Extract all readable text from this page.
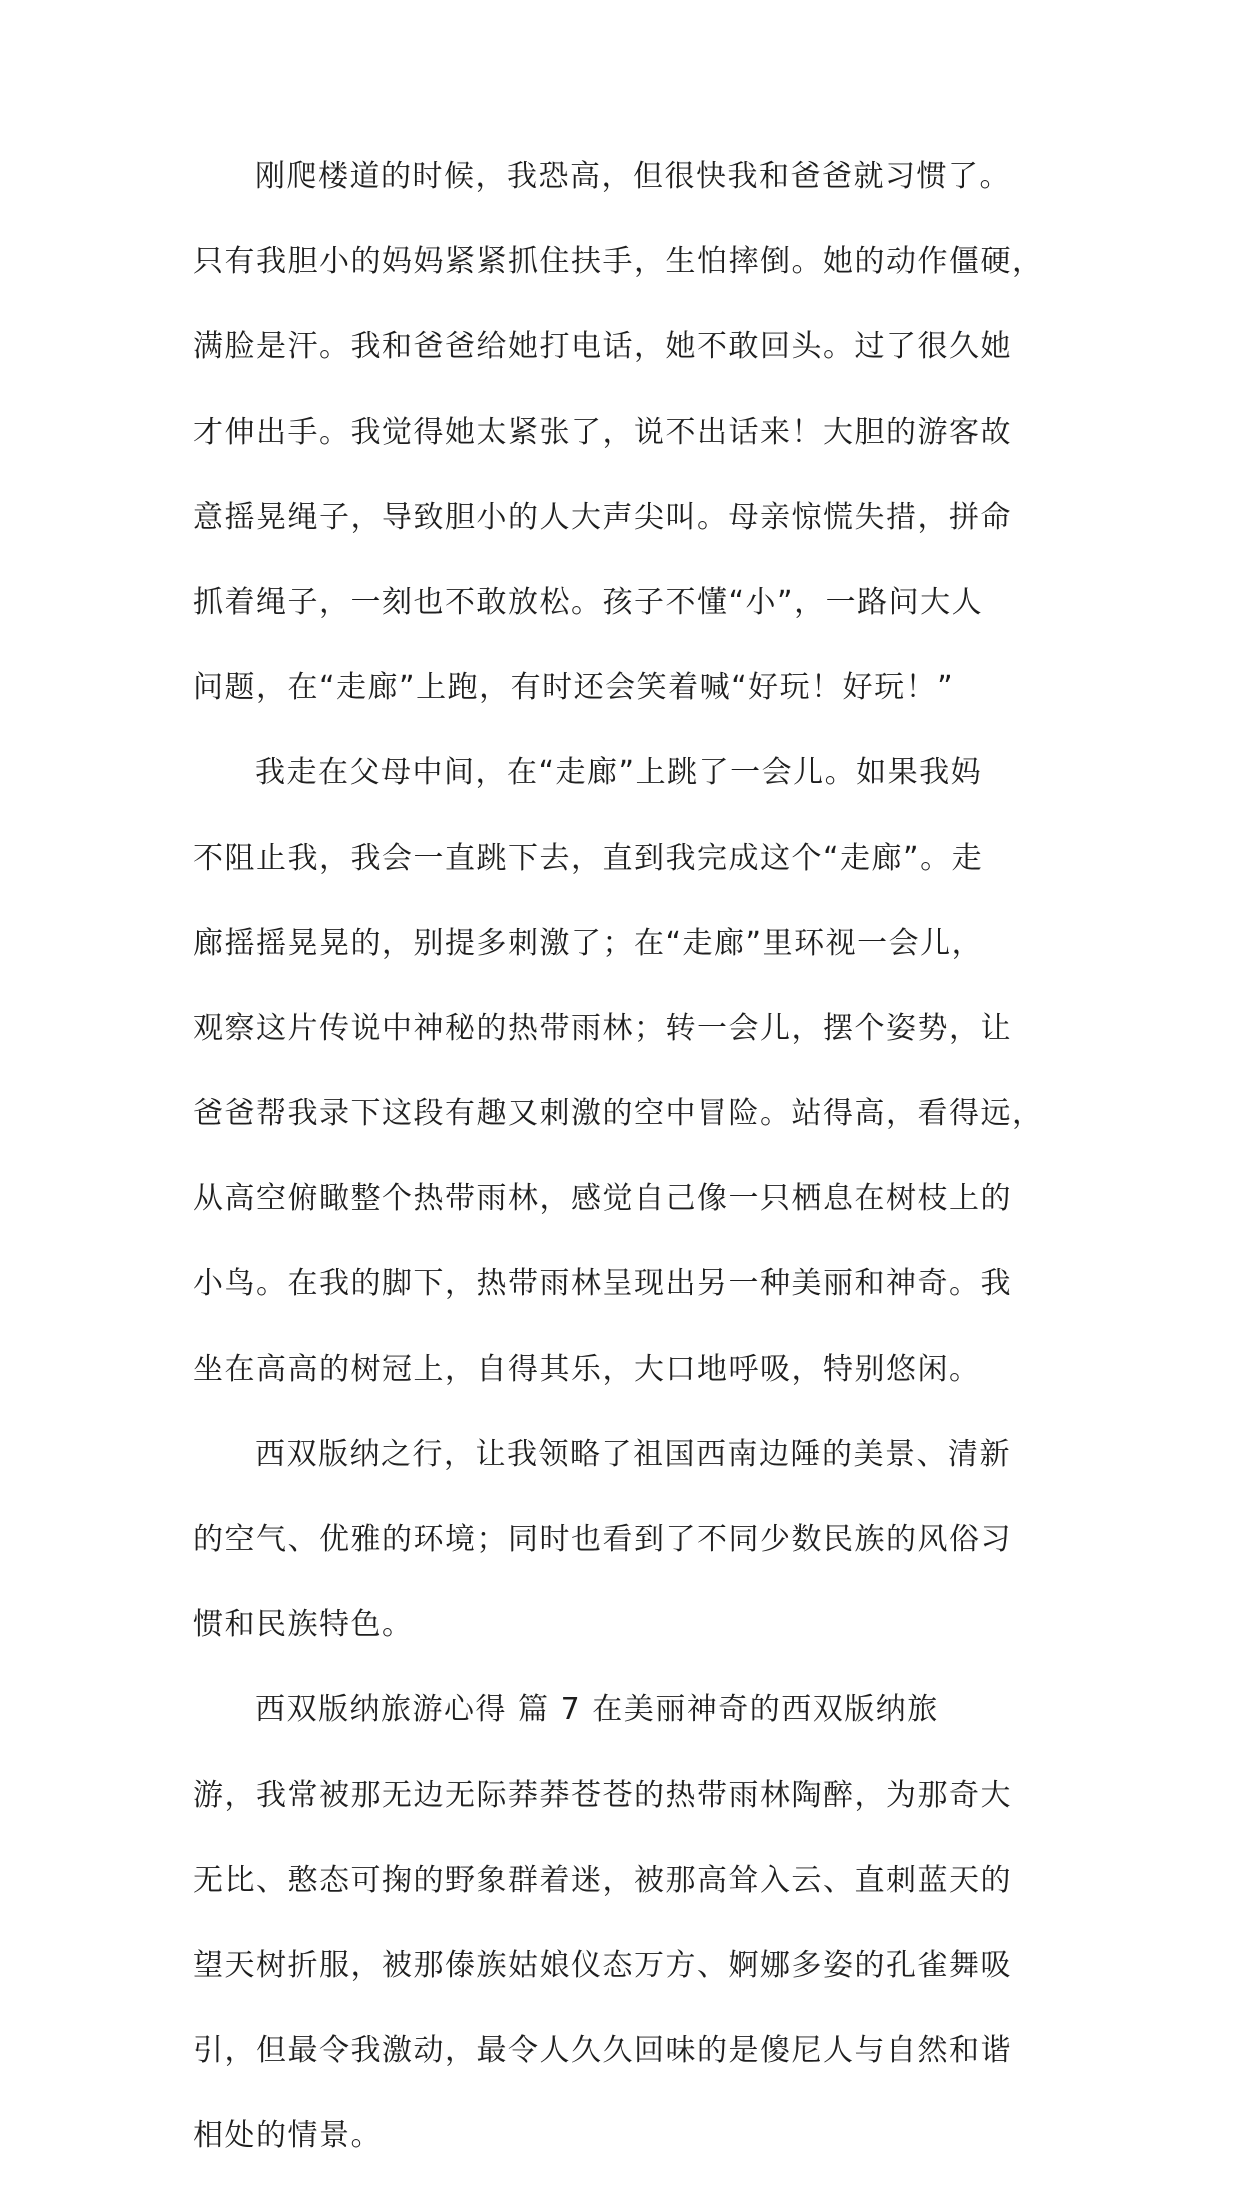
刚爬楼道的时候，我恐高，但很快我和爸爸就习惯了。
只有我胆小的妈妈紧紧抓住扶手，生怕摔倒。她的动作僵硬，
满脸是汗。我和爸爸给她打电话，她不敢回头。过了很久她
才伸出手。我觉得她太紧张了，说不出话来！大胆的游客故
意摇晃绳子，导致胆小的人大声尖叫。母亲惊慌失措，拼命
抓着绳子，一刻也不敢放松。孩子不懂“小”，一路问大人
问题，在“走廊”上跑，有时还会笑着喊“好玩！好玩！”
我走在父母中间，在“走廊”上跳了一会儿。如果我妈
不阻止我，我会一直跳下去，直到我完成这个“走廊”。走
廊摇摇晃晃的，别提多刺激了；在“走廊”里环视一会儿，
观察这片传说中神秘的热带雨林；转一会儿，摆个姿势，让
爸爸帮我录下这段有趣又刺激的空中冒险。站得高，看得远，
从高空俯瞰整个热带雨林，感觉自己像一只栖息在树枝上的
小鸟。在我的脚下，热带雨林呈现出另一种美丽和神奇。我
坐在高高的树冠上，自得其乐，大口地呼吸，特别悠闲。
西双版纳之行，让我领略了祖国西南边陲的美景、清新
的空气、优雅的环境；同时也看到了不同少数民族的风俗习
惯和民族特色。
西双版纳旅游心得 篇 7 在美丽神奇的西双版纳旅
游，我常被那无边无际莽莽苍苍的热带雨林陶醉，为那奇大
无比、憨态可掬的野象群着迷，被那高耸入云、直刺蓝天的
望天树折服，被那傣族姑娘仪态万方、婀娜多姿的孔雀舞吸
引，但最令我激动，最令人久久回味的是傻尼人与自然和谐
相处的情景。
